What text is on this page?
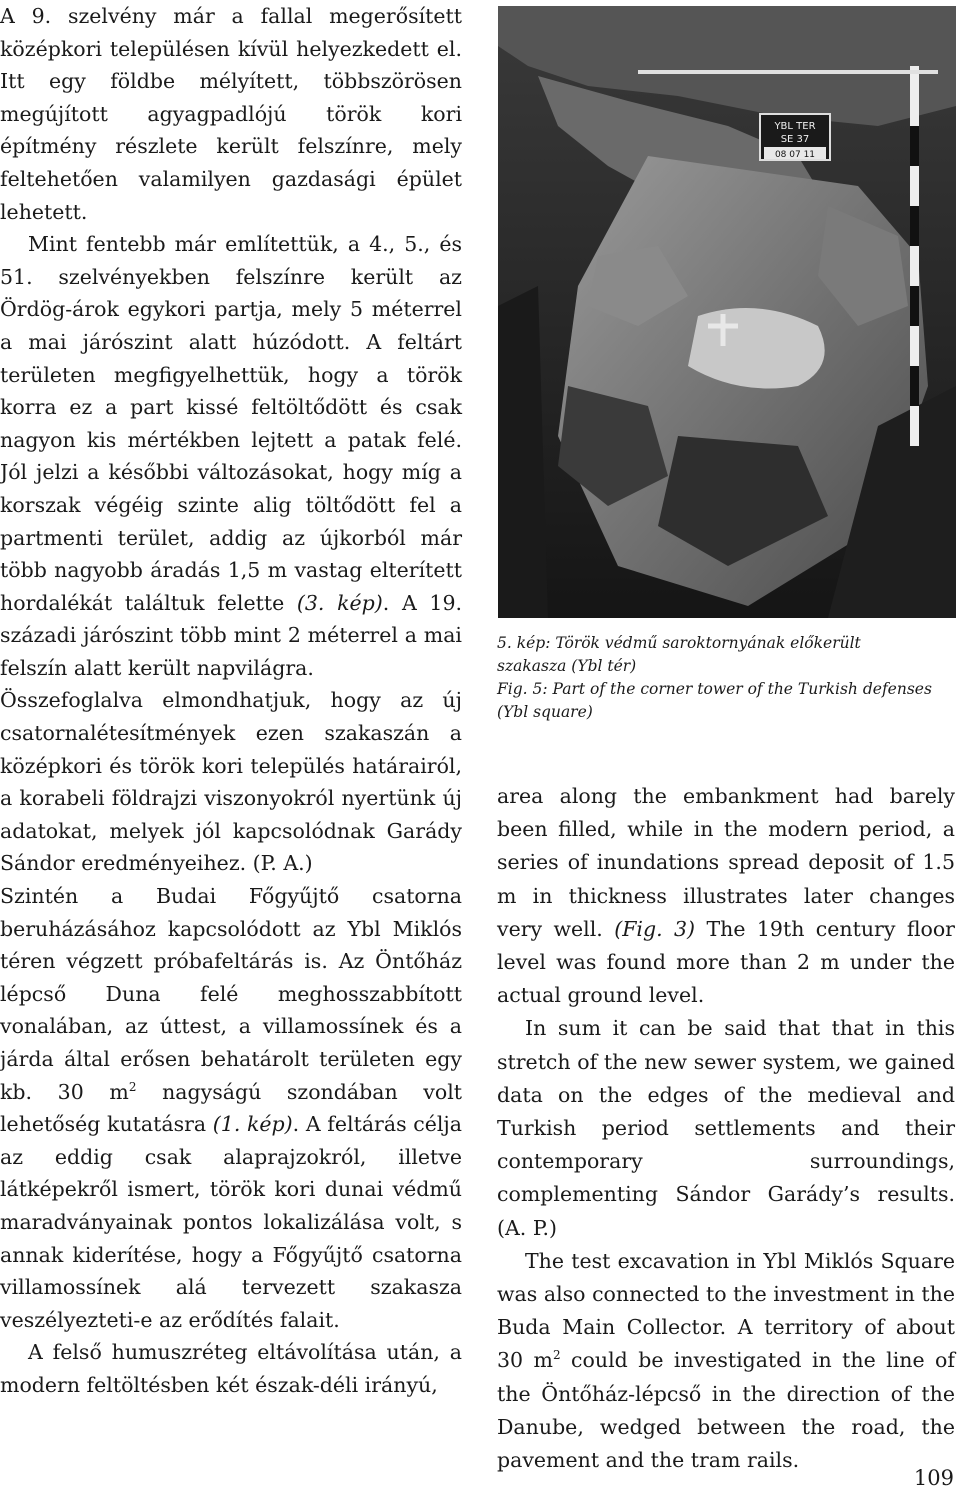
A 9. szelvény már a fallal megerősített középkori településen kívül helyezkedett el. Itt egy földbe mélyített, többszörösen megújított agyagpadlójú török kori építmény részlete került felszínre, mely feltehetően valamilyen gazdasági épület lehetett.

Mint fentebb már említettük, a 4., 5., és 51. szelvényekben felszínre került az Ördög-árok egykori partja, mely 5 méterrel a mai járószint alatt húzódott. A feltárt területen megfigyelhettük, hogy a török korra ez a part kissé feltöltődött és csak nagyon kis mértékben lejtett a patak felé. Jól jelzi a későbbi változásokat, hogy míg a korszak végéig szinte alig töltődött fel a partmenti terület, addig az újkorból már több nagyobb áradás 1,5 m vastag elterített hordalékát találtuk felette (3. kép). A 19. századi járószint több mint 2 méterrel a mai felszín alatt került napvilágra.

Összefoglalva elmondhatjuk, hogy az új csatornalétesítmények ezen szakaszán a középkori és török kori település határairól, a korabeli földrajzi viszonyokról nyertünk új adatokat, melyek jól kapcsolódnak Garády Sándor eredményeihez. (P. A.)

Szintén a Budai Főgyűjtő csatorna beruházásához kapcsolódott az Ybl Miklós téren végzett próbafeltárás is. Az Öntőház lépcső Duna felé meghosszabbított vonalában, az úttest, a villamossínek és a járda által erősen behatárolt területen egy kb. 30 $m^2$ nagyságú szondában volt lehetőség kutatásra (1. kép). A feltárás célja az eddig csak alaprajzokról, illetve látképekről ismert, török kori dunai védmű maradványainak pontos lokalizálása volt, s annak kiderítése, hogy a Főgyűjtő csatorna villamossínek alá tervezett szakasza veszélyezteti-e az erődítés falait.

A felső humuszréteg eltávolítása után, a modern feltöltésben két észak-déli irányú,

YBL TER
SE 37
08 07 11
5. kép: Török védmű saroktornyának előkerült
szakasza (Ybl tér)
Fig. 5: Part of the corner tower of the Turkish defenses
(Ybl square)

area along the embankment had barely been filled, while in the modern period, a series of inundations spread deposit of 1.5 m in thickness illustrates later changes very well. (Fig. 3) The 19th century floor level was found more than 2 m under the actual ground level.

In sum it can be said that that in this stretch of the new sewer system, we gained data on the edges of the medieval and Turkish period settlements and their contemporary surroundings, complementing Sándor Garády’s results. (A. P.)

The test excavation in Ybl Miklós Square was also connected to the investment in the Buda Main Collector. A territory of about 30 $m^2$ could be investigated in the line of the Öntőház-lépcső in the direction of the Danube, wedged between the road, the pavement and the tram rails.

109
